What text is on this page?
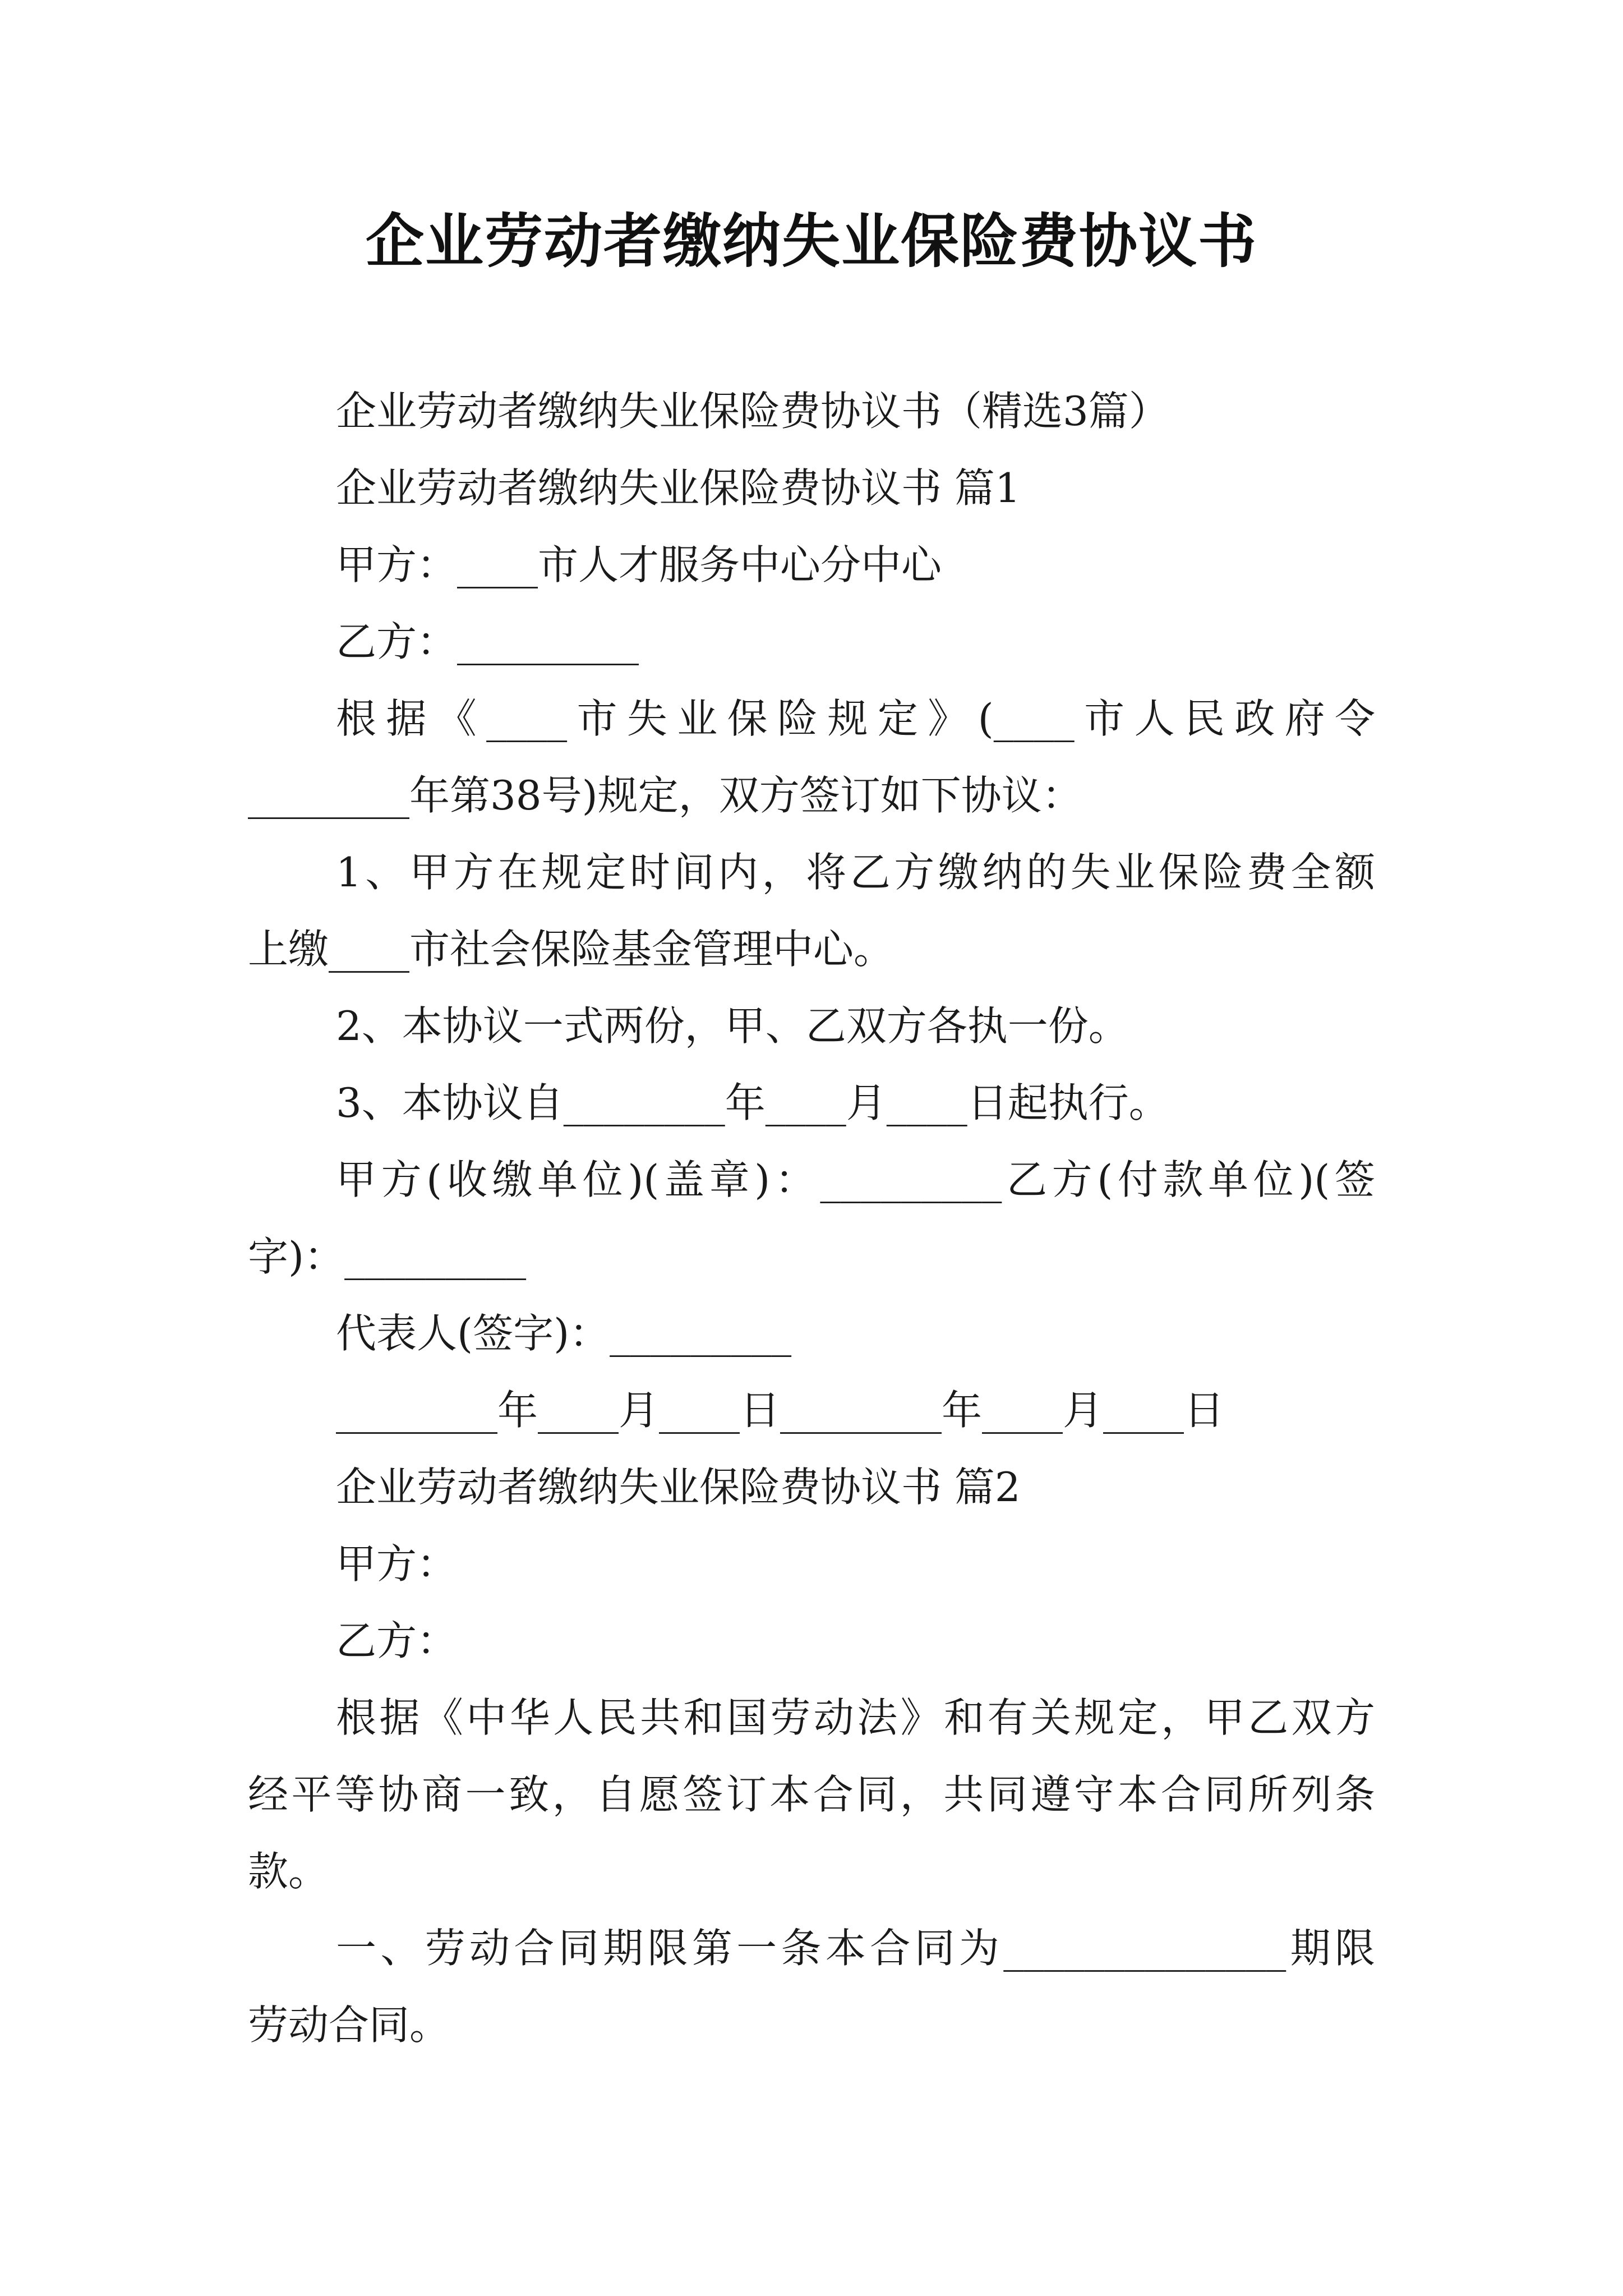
企业劳动者缴纳失业保险费协议书
企业劳动者缴纳失业保险费协议书（精选3篇）
企业劳动者缴纳失业保险费协议书 篇1
甲方：____市人才服务中心分中心
乙方：_________
根据《____市失业保险规定》(____市人民政府令
________年第38号)规定，双方签订如下协议：
1、甲方在规定时间内，将乙方缴纳的失业保险费全额
上缴____市社会保险基金管理中心。
2、本协议一式两份，甲、乙双方各执一份。
3、本协议自________年____月____日起执行。
甲方(收缴单位)(盖章)：_________乙方(付款单位)(签
字)：_________
代表人(签字)：_________
________年____月____日________年____月____日
企业劳动者缴纳失业保险费协议书 篇2
甲方：
乙方：
根据《中华人民共和国劳动法》和有关规定，甲乙双方
经平等协商一致，自愿签订本合同，共同遵守本合同所列条
款。
一、劳动合同期限第一条本合同为______________期限
劳动合同。
